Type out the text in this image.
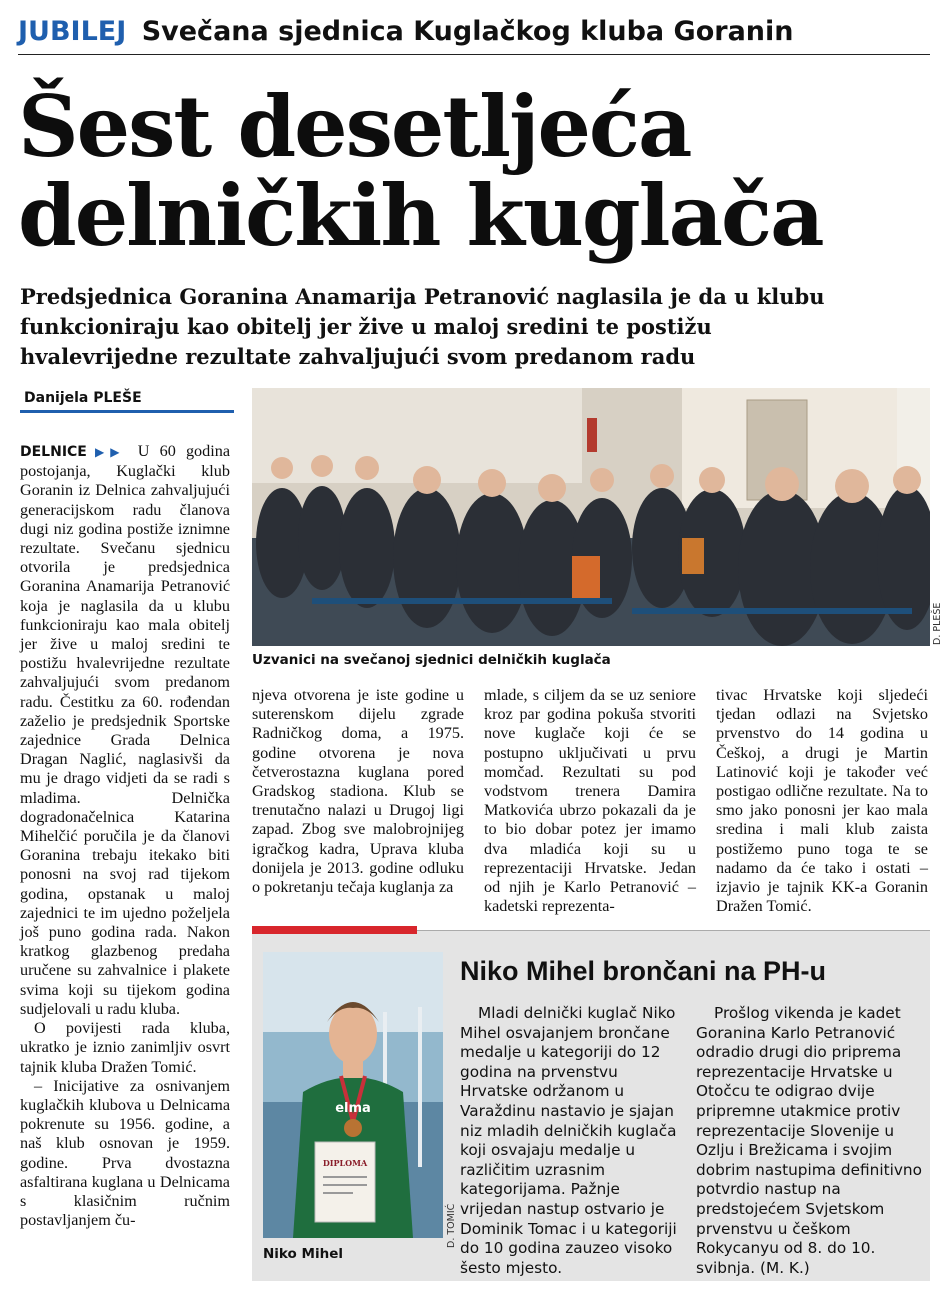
JUBILEJ Svečana sjednica Kuglačkog kluba Goranin
Šest desetljeća
delničkih kuglača
Predsjednica Goranina Anamarija Petranović naglasila je da u klubu
funkcioniraju kao obitelj jer žive u maloj sredini te postižu
hvalevrijedne rezultate zahvaljujući svom predanom radu
Danijela PLEŠE
D. PLEŠE
Uzvanici na svečanoj sjednici delničkih kuglača

DELNICE ▶▶ U 60 godina postojanja, Kuglački klub Goranin iz Delnica zahvaljujući generacijskom radu članova dugi niz godina postiže iznimne rezultate. Svečanu sjednicu otvorila je predsjednica Goranina Anamarija Petranović koja je naglasila da u klubu funkcioniraju kao mala obitelj jer žive u maloj sredini te postižu hvalevrijedne rezultate zahvaljujući svom predanom radu. Čestitku za 60. rođendan zaželio je predsjednik Sportske zajednice Grada Delnica Dragan Naglić, naglasivši da mu je drago vidjeti da se radi s mladima. Delnička dogradonačelnica Katarina Mihelčić poručila je da članovi Goranina trebaju itekako biti ponosni na svoj rad tijekom godina, opstanak u maloj zajednici te im ujedno poželjela još puno godina rada. Nakon kratkog glazbenog predaha uručene su zahvalnice i plakete svima koji su tijekom godina sudjelovali u radu kluba.

O povijesti rada kluba, ukratko je iznio zanimljiv osvrt tajnik kluba Dražen Tomić.

– Inicijative za osnivanjem kuglačkih klubova u Delnicama pokrenute su 1956. godine, a naš klub osnovan je 1959. godine. Prva dvostazna asfaltirana kuglana u Delnicama s klasičnim ručnim postavljanjem ču-

njeva otvorena je iste godine u suterenskom dijelu zgrade Radničkog doma, a 1975. godine otvorena je nova četverostazna kuglana pored Gradskog stadiona. Klub se trenutačno nalazi u Drugoj ligi zapad. Zbog sve malobrojnijeg igračkog kadra, Uprava kluba donijela je 2013. godine odluku o pokretanju tečaja kuglanja za
mlade, s ciljem da se uz seniore kroz par godina pokuša stvoriti nove kuglače koji će se postupno uključivati u prvu momčad. Rezultati su pod vodstvom trenera Damira Matkovića ubrzo pokazali da je to bio dobar potez jer imamo dva mladića koji su u reprezentaciji Hrvatske. Jedan od njih je Karlo Petranović – kadetski reprezenta-
tivac Hrvatske koji sljedeći tjedan odlazi na Svjetsko prvenstvo do 14 godina u Češkoj, a drugi je Martin Latinović koji je također već postigao odlične rezultate. Na to smo jako ponosni jer kao mala sredina i mali klub zaista postižemo puno toga te se nadamo da će tako i ostati – izjavio je tajnik KK-a Goranin Dražen Tomić.
elma
DIPLOMA
D. TOMIĆ
Niko Mihel
Niko Mihel brončani na PH-u

Mladi delnički kuglač Niko Mihel osvajanjem brončane medalje u kategoriji do 12 godina na prvenstvu Hrvatske održanom u Varaždinu nastavio je sjajan niz mladih delničkih kuglača koji osvajaju medalje u različitim uzrasnim kategorijama. Pažnje vrijedan nastup ostvario je Dominik Tomac i u kategoriji do 10 godina zauzeo visoko šesto mjesto.

Prošlog vikenda je kadet Goranina Karlo Petranović odradio drugi dio priprema reprezentacije Hrvatske u Otočcu te odigrao dvije pripremne utakmice protiv reprezentacije Slovenije u Ozlju i Brežicama i svojim dobrim nastupima definitivno potvrdio nastup na predstojećem Svjetskom prvenstvu u češkom Rokycanyu od 8. do 10. svibnja. (M. K.)
